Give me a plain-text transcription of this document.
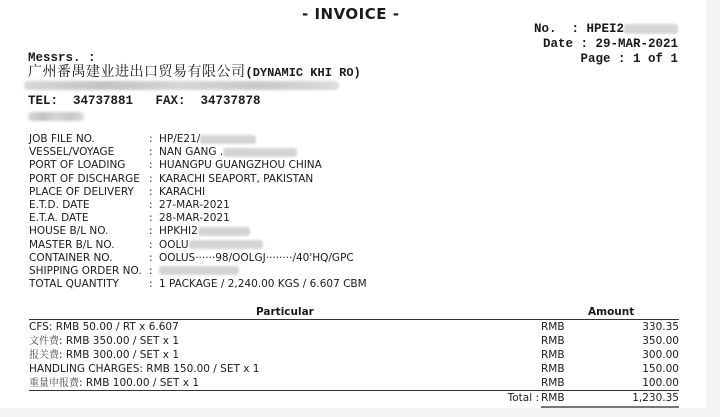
- INVOICE -
No.  : HPEI2
Date : 29-MAR-2021
Page : 1 of 1
Messrs. :
广州番禺建业进出口贸易有限公司(DYNAMIC KHI RO)
TEL:  34737881   FAX:  34737878
JOB FILE NO.	: HP/E21/
VESSEL/VOYAGE	: NAN GANG .
PORT OF LOADING	: HUANGPU GUANGZHOU CHINA
PORT OF DISCHARGE : KARACHI SEAPORT, PAKISTAN
PLACE OF DELIVERY	: KARACHI
E.T.D. DATE	: 27-MAR-2021
E.T.A. DATE	: 28-MAR-2021
HOUSE B/L NO.	: HPKHI2
MASTER B/L NO.	: OOLU
CONTAINER NO.	: OOLUS······98/OOLGJ········/40'HQ/GPC
SHIPPING ORDER NO. :
TOTAL QUANTITY	: 1 PACKAGE / 2,240.00 KGS / 6.607 CBM
Particular	Amount
CFS: RMB 50.00 / RT x 6.607	RMB	330.35
文件费: RMB 350.00 / SET x 1	RMB	350.00
报关费: RMB 300.00 / SET x 1	RMB	300.00
HANDLING CHARGES: RMB 150.00 / SET x 1	RMB	150.00
重量申报费: RMB 100.00 / SET x 1	RMB	100.00
Total : RMB	1,230.35
